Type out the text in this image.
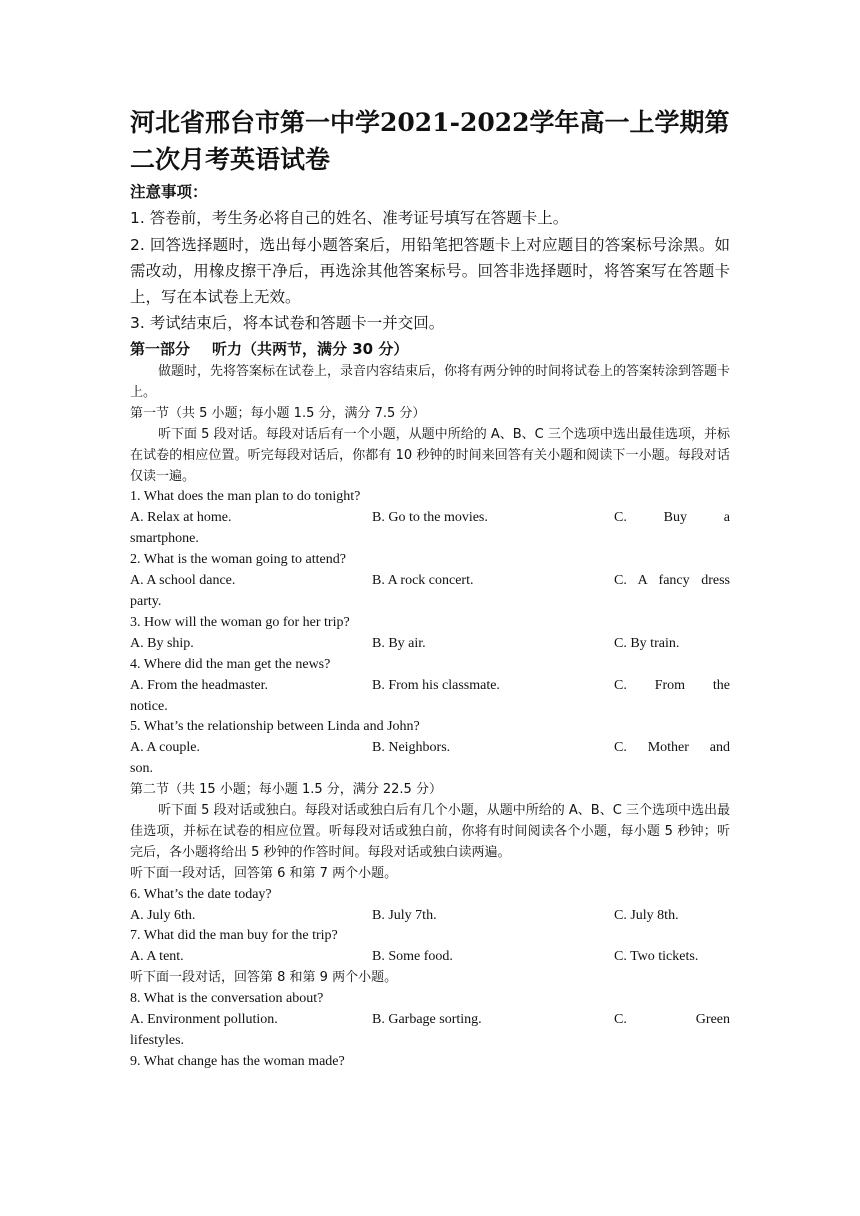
河北省邢台市第一中学2021-2022学年高一上学期第二次月考英语试卷

注意事项：

1. 答卷前，考生务必将自己的姓名、准考证号填写在答题卡上。

2. 回答选择题时，选出每小题答案后，用铅笔把答题卡上对应题目的答案标号涂黑。如需改动，用橡皮擦干净后，再选涂其他答案标号。回答非选择题时，将答案写在答题卡上，写在本试卷上无效。

3. 考试结束后，将本试卷和答题卡一并交回。

第一部分 听力（共两节，满分 30 分）

做题时，先将答案标在试卷上，录音内容结束后，你将有两分钟的时间将试卷上的答案转涂到答题卡上。

第一节（共 5 小题；每小题 1.5 分，满分 7.5 分）

听下面 5 段对话。每段对话后有一个小题，从题中所给的 A、B、C 三个选项中选出最佳选项，并标在试卷的相应位置。听完每段对话后，你都有 10 秒钟的时间来回答有关小题和阅读下一小题。每段对话仅读一遍。

1. What does the man plan to do tonight?

A. Relax at home.	B. Go to the movies.	C. Buy a

smartphone.

2. What is the woman going to attend?

A. A school dance.	B. A rock concert.	C. A fancy dress

party.

3. How will the woman go for her trip?

A. By ship.	B. By air.	C. By train.

4. Where did the man get the news?

A. From the headmaster.	B. From his classmate.	C. From the

notice.

5. What’s the relationship between Linda and John?

A. A couple.	B. Neighbors.	C. Mother and

son.

第二节（共 15 小题；每小题 1.5 分，满分 22.5 分）

听下面 5 段对话或独白。每段对话或独白后有几个小题，从题中所给的 A、B、C 三个选项中选出最佳选项，并标在试卷的相应位置。听每段对话或独白前，你将有时间阅读各个小题，每小题 5 秒钟；听完后，各小题将给出 5 秒钟的作答时间。每段对话或独白读两遍。

听下面一段对话，回答第 6 和第 7 两个小题。

6. What’s the date today?

A. July 6th.	B. July 7th.	C. July 8th.

7. What did the man buy for the trip?

A. A tent.	B. Some food.	C. Two tickets.

听下面一段对话，回答第 8 和第 9 两个小题。

8. What is the conversation about?

A. Environment pollution.	B. Garbage sorting.	C. Green

lifestyles.

9. What change has the woman made?
